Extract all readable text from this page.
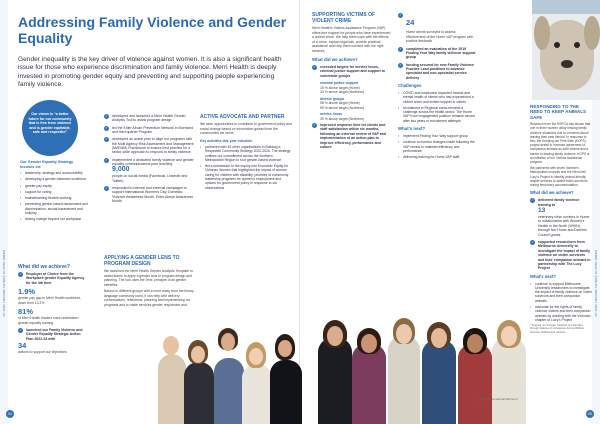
MERRI HEALTH ANNUAL REPORT 2021-22	MERRI HEALTH ANNUAL REPORT 2021-22
Addressing Family Violence and Gender Equality

Gender inequality is the key driver of violence against women. It is also a significant health issue for those who experience discrimination and family violence. Merri Health is deeply invested in promoting gender equity and preventing and supporting people experiencing family violence.

Our vision is “a better future for our community that is free from violence and is gender equitable, safe and respectful”
Our Gender Equality Strategy focuses on:
• leadership, strategy and accountability
• developing a gender balanced workforce
• gender pay equity
• support for caring
• mainstreaming flexible working
• preventing gender-based harassment and discrimination, sexual harassment and bullying
• driving change beyond our workplace
What did we achieve?
✓	Employer of Choice from the Workplace gender Equality Agency for the 4th time
1.9%
gender pay gap in Merri Health workforce, down from 13.2%
81%
of Merri Health leaders have undertaken gender equality training
✓	launched our Family Violence and Gender Equality Strategic Action Plan 2022-23 with
34
actions to support our objectives
54
✓	developed and launched a Merri Health Gender Analysis Tool to assist program design
✓	led the Elder Abuse Prevention Network in Moreland and third quarter Program
✓	developed an action plan to align our programs with the Multi Agency Risk Assessment and Management (MARAM) Framework to ensure best practice for a sector-wide approach to respond to family violence
✓	implemented a dedicated family violence and gender equality communications plan reaching
9,000
people on social media (Facebook, LinkedIn and Twitter)
✓	responded to internal and external campaigns to support International Women's Day, Domestic Violence Awareness Month, Elder Abuse Awareness Month
APPLYING A GENDER LENS TO PROGRAM DESIGN
We launched the Merri Health Gender Analysis Template to assist teams to apply a gender lens to program design and planning. The tool uses the 'lens' principle of all gender identities.
Based on different groups with a more away from the binary language commonly used, it can help with delivery conversations, reflections, planning and implementing our programs and to make services gender responsive and.
ACTIVE ADVOCATE AND PARTNER
We seek opportunities to contribute to government policy and social change based on information gained from the communities we serve.
Key activities this year included:
• partnered with 35 other organisations in Building a Respectful Community Strategy 2022-2026. The strategy outlines our commitment across the Northern Metropolitan Region to root gender-based violence
• led a submission to the inquiry into Economic Equity for Victorian Women that highlighted the impact of women caring for children with disability, priorities of community leadership programs for women's employment and options for government policy in response to our observations
SUPPORTING VICTIMS OF VIOLENT CRIME
Merri Health's Victims Assistance Program (VAP) offers free support for people who have experienced a violent crime. We help them cope with the effects of a crime, explain legal talk, provide practical assistance and help them connect with the right services.
What did we achieve?
✓	exceeded targets for service hours, criminal justice support and support to vulnerable groups
criminal justice support
15 % above target (Hume)
33 % above target (Northern)
diverse groups
98 % above target (Hume)
55 % above target (Northern)
service hours
39 % above target (Northern)
✓	improved response time for clients and staff satisfaction within six months, following an external review of VAP and implementation of an action plan to improve efficiency, performance and culture
✓
24
Hume clients surveyed to assess effectiveness of the Hume VAP program with positive feedback
✓	completed an evaluation of the 2019 Finding Your Way family violence support group
✓	funding secured for new Family Violence Practice Lead positions to advance specialist and non-specialist service delivery
Challenges
• COVID and lockdowns impacted trauma and mental health of clients who had experienced a violent crime and limited support to clients
• recruitment in Regional areas remains a challenge across the health sector. The Hume VAP Koori engagement position remains vacant after two years of recruitment attempts
What's next?
• implement Finding Your Way support group
• continue to monitor changes made following the VAP review to maintain efficiency and performance
• delivering training for Hume VAP staff
Staff at International Women's Day
RESPONDING TO THE NEED TO KEEP ANIMALS SAFE
Research from the RSPCA has shown that one in three women delay leaving family violence situations due to concerns about leaving their pets behind. In response to this, the Keeping our Pets Safe (KOPS) project seeks to increase awareness of companion animals as both victims and a barrier to leaving family violence. KOPS is an initiative of our Victims Assistance program.
We partnered with seven Northern Metropolitan councils and the Merri-bek Lucy's Project to identify animal-friendly respite services to assist victim-survivors during temporary accommodation.
What did we achieve?
✓	delivered family violence training to
13
veterinary clinic workers in Hume to collaboration with Women's Health in the North (WHIN), through two Hume and Darebin Council grants
✓	supported researchers from Melbourne University to investigate the impact of family violence on victim survivors and their companion animals in partnership with The Lucy Project
What's next?
• continue to support Melbourne University researchers to investigate the impact of family violence on victim survivors and their companion animals
• advocate for the rights of family violence victims and their companion animals by working with the Victorian chapter of Lucy's Project
* Keeping our Animals: Statistics and Families through violence of Companion Animal Welfare Services, RSPCA and partners
55
